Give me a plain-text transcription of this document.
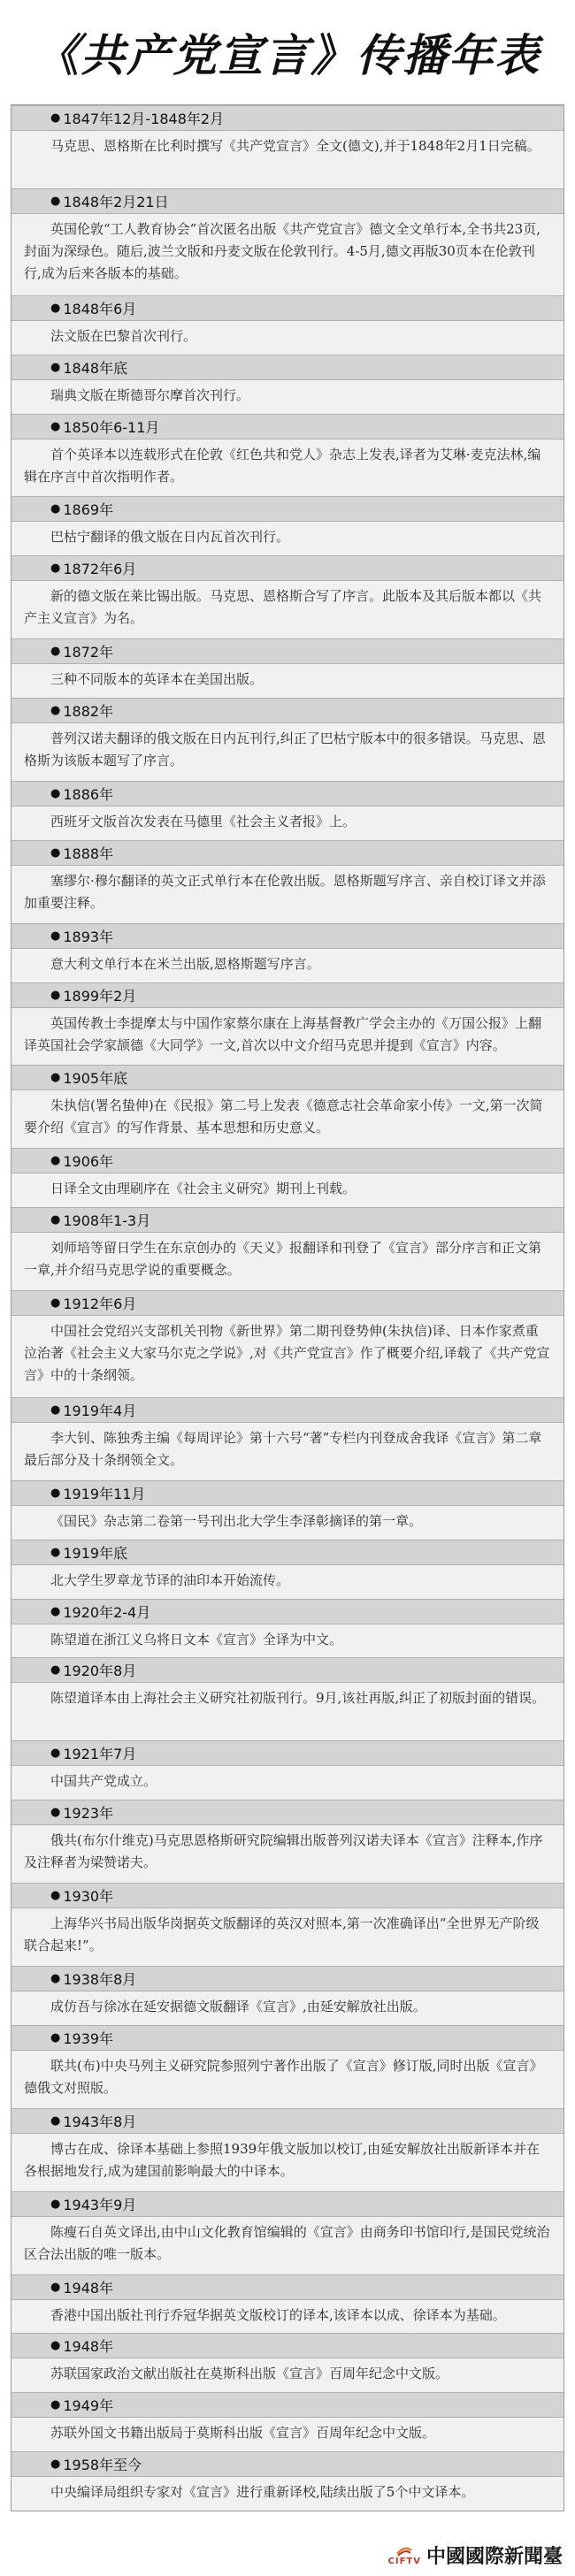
《共产党宣言》传播年表
● 1847年12月-1848年2月
马克思、恩格斯在比利时撰写《共产党宣言》全文(德文),并于1848年2月1日完稿。
● 1848年2月21日
英国伦敦“工人教育协会”首次匿名出版《共产党宣言》德文全文单行本,全书共23页,封面为深绿色。随后,波兰文版和丹麦文版在伦敦刊行。4-5月,德文再版30页本在伦敦刊行,成为后来各版本的基础。
● 1848年6月
法文版在巴黎首次刊行。
● 1848年底
瑞典文版在斯德哥尔摩首次刊行。
● 1850年6-11月
首个英译本以连载形式在伦敦《红色共和党人》杂志上发表,译者为艾琳·麦克法林,编辑在序言中首次指明作者。
● 1869年
巴枯宁翻译的俄文版在日内瓦首次刊行。
● 1872年6月
新的德文版在莱比锡出版。马克思、恩格斯合写了序言。此版本及其后版本都以《共产主义宣言》为名。
● 1872年
三种不同版本的英译本在美国出版。
● 1882年
普列汉诺夫翻译的俄文版在日内瓦刊行,纠正了巴枯宁版本中的很多错误。马克思、恩格斯为该版本题写了序言。
● 1886年
西班牙文版首次发表在马德里《社会主义者报》上。
● 1888年
塞缪尔·穆尔翻译的英文正式单行本在伦敦出版。恩格斯题写序言、亲自校订译文并添加重要注释。
● 1893年
意大利文单行本在米兰出版,恩格斯题写序言。
● 1899年2月
英国传教士李提摩太与中国作家蔡尔康在上海基督教广学会主办的《万国公报》上翻译英国社会学家颉德《大同学》一文,首次以中文介绍马克思并提到《宣言》内容。
● 1905年底
朱执信(署名蛰伸)在《民报》第二号上发表《德意志社会革命家小传》一文,第一次简要介绍《宣言》的写作背景、基本思想和历史意义。
● 1906年
日译全文由理刷序在《社会主义研究》期刊上刊载。
● 1908年1-3月
刘师培等留日学生在东京创办的《天义》报翻译和刊登了《宣言》部分序言和正文第一章,并介绍马克思学说的重要概念。
● 1912年6月
中国社会党绍兴支部机关刊物《新世界》第二期刊登势伸(朱执信)译、日本作家煮重泣治著《社会主义大家马尔克之学说》,对《共产党宣言》作了概要介绍,译载了《共产党宣言》中的十条纲领。
● 1919年4月
李大钊、陈独秀主编《每周评论》第十六号“著”专栏内刊登成舍我译《宣言》第二章最后部分及十条纲领全文。
● 1919年11月
《国民》杂志第二卷第一号刊出北大学生李泽彰摘译的第一章。
● 1919年底
北大学生罗章龙节译的油印本开始流传。
● 1920年2-4月
陈望道在浙江义乌将日文本《宣言》全译为中文。
● 1920年8月
陈望道译本由上海社会主义研究社初版刊行。9月,该社再版,纠正了初版封面的错误。
● 1921年7月
中国共产党成立。
● 1923年
俄共(布尔什维克)马克思恩格斯研究院编辑出版普列汉诺夫译本《宣言》注释本,作序及注释者为梁赞诺夫。
● 1930年
上海华兴书局出版华岗据英文版翻译的英汉对照本,第一次准确译出“全世界无产阶级联合起来!”。
● 1938年8月
成仿吾与徐冰在延安据德文版翻译《宣言》,由延安解放社出版。
● 1939年
联共(布)中央马列主义研究院参照列宁著作出版了《宣言》修订版,同时出版《宣言》德俄文对照版。
● 1943年8月
博古在成、徐译本基础上参照1939年俄文版加以校订,由延安解放社出版新译本并在各根据地发行,成为建国前影响最大的中译本。
● 1943年9月
陈瘦石自英文译出,由中山文化教育馆编辑的《宣言》由商务印书馆印行,是国民党统治区合法出版的唯一版本。
● 1948年
香港中国出版社刊行乔冠华据英文版校订的译本,该译本以成、徐译本为基础。
● 1948年
苏联国家政治文献出版社在莫斯科出版《宣言》百周年纪念中文版。
● 1949年
苏联外国文书籍出版局于莫斯科出版《宣言》百周年纪念中文版。
● 1958年至今
中央编译局组织专家对《宣言》进行重新译校,陆续出版了5个中文译本。
CIFTV 中國國際新聞臺
